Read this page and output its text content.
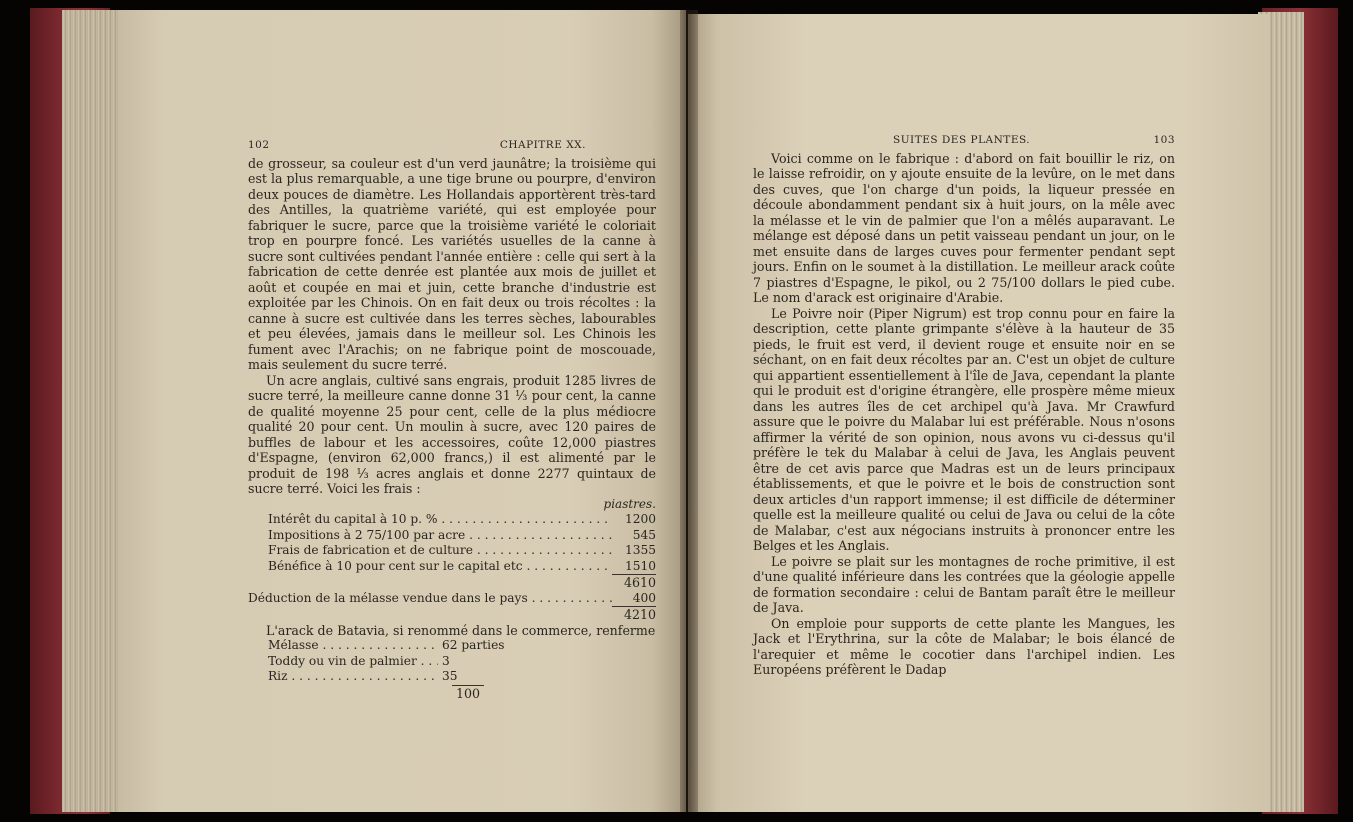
102	CHAPITRE XX.

de grosseur, sa couleur est d'un verd jaunâtre; la troisième qui est la plus remarquable, a une tige brune ou pourpre, d'environ deux pouces de diamètre. Les Hollandais apportèrent très-tard des Antilles, la quatrième variété, qui est employée pour fabriquer le sucre, parce que la troisième variété le coloriait trop en pourpre foncé. Les variétés usuelles de la canne à sucre sont cultivées pendant l'année entière : celle qui sert à la fabrication de cette denrée est plantée aux mois de juillet et août et coupée en mai et juin, cette branche d'industrie est exploitée par les Chinois. On en fait deux ou trois récoltes : la canne à sucre est cultivée dans les terres sèches, labourables et peu élevées, jamais dans le meilleur sol. Les Chinois les fument avec l'Arachis; on ne fabrique point de moscouade, mais seulement du sucre terré.

Un acre anglais, cultivé sans engrais, produit 1285 livres de sucre terré, la meilleure canne donne 31 ⅓ pour cent, la canne de qualité moyenne 25 pour cent, celle de la plus médiocre qualité 20 pour cent. Un moulin à sucre, avec 120 paires de buffles de labour et les accessoires, coûte 12,000 piastres d'Espagne, (environ 62,000 francs,) il est alimenté par le produit de 198 ⅓ acres anglais et donne 2277 quintaux de sucre terré. Voici les frais :

piastres.
Intérêt du capital à 10 p. % . . .	1200
Impositions à 2 75/100 par acre . . .	545
Frais de fabrication et de culture . . .	1355
Bénéfice à 10 pour cent sur le capital etc . . .	1510
4610
Déduction de la mélasse vendue dans le pays . . .	400
4210

L'arack de Batavia, si renommé dans le commerce, renferme

Mélasse . . .	62 parties
Toddy ou vin de palmier . . .	3
Riz . . .	35
100
SUITES DES PLANTES.	103

Voici comme on le fabrique : d'abord on fait bouillir le riz, on le laisse refroidir, on y ajoute ensuite de la levûre, on le met dans des cuves, que l'on charge d'un poids, la liqueur pressée en découle abondamment pendant six à huit jours, on la mêle avec la mélasse et le vin de palmier que l'on a mêlés auparavant. Le mélange est déposé dans un petit vaisseau pendant un jour, on le met ensuite dans de larges cuves pour fermenter pendant sept jours. Enfin on le soumet à la distillation. Le meilleur arack coûte 7 piastres d'Espagne, le pikol, ou 2 75/100 dollars le pied cube. Le nom d'arack est originaire d'Arabie.

Le Poivre noir (Piper Nigrum) est trop connu pour en faire la description, cette plante grimpante s'élève à la hauteur de 35 pieds, le fruit est verd, il devient rouge et ensuite noir en se séchant, on en fait deux récoltes par an. C'est un objet de culture qui appartient essentiellement à l'île de Java, cependant la plante qui le produit est d'origine étrangère, elle prospère même mieux dans les autres îles de cet archipel qu'à Java. Mr Crawfurd assure que le poivre du Malabar lui est préférable. Nous n'osons affirmer la vérité de son opinion, nous avons vu ci-dessus qu'il préfère le tek du Malabar à celui de Java, les Anglais peuvent être de cet avis parce que Madras est un de leurs principaux établissements, et que le poivre et le bois de construction sont deux articles d'un rapport immense; il est difficile de déterminer quelle est la meilleure qualité ou celui de Java ou celui de la côte de Malabar, c'est aux négocians instruits à prononcer entre les Belges et les Anglais.

Le poivre se plait sur les montagnes de roche primitive, il est d'une qualité inférieure dans les contrées que la géologie appelle de formation secondaire : celui de Bantam paraît être le meilleur de Java.

On emploie pour supports de cette plante les Mangues, les Jack et l'Erythrina, sur la côte de Malabar; le bois élancé de l'arequier et même le cocotier dans l'archipel indien. Les Européens préfèrent le Dadap
